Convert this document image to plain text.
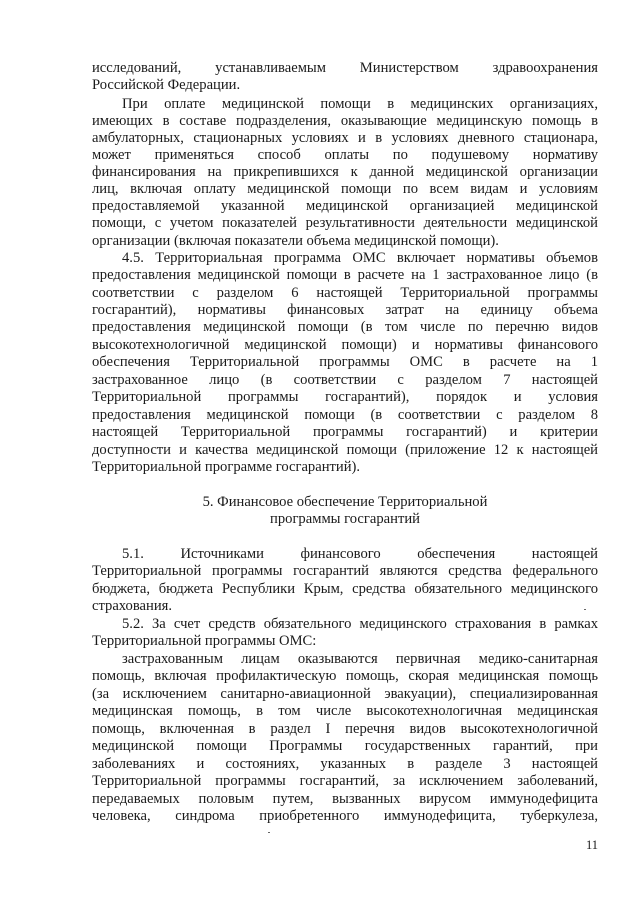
исследований, устанавливаемым Министерством здравоохранения
Российской Федерации.
При оплате медицинской помощи в медицинских организациях,
имеющих в составе подразделения, оказывающие медицинскую помощь в
амбулаторных, стационарных условиях и в условиях дневного стационара,
может применяться способ оплаты по подушевому нормативу
финансирования на прикрепившихся к данной медицинской организации
лиц, включая оплату медицинской помощи по всем видам и условиям
предоставляемой указанной медицинской организацией медицинской
помощи, с учетом показателей результативности деятельности медицинской
организации (включая показатели объема медицинской помощи).
4.5. Территориальная программа ОМС включает нормативы объемов
предоставления медицинской помощи в расчете на 1 застрахованное лицо (в
соответствии с разделом 6 настоящей Территориальной программы
госгарантий), нормативы финансовых затрат на единицу объема
предоставления медицинской помощи (в том числе по перечню видов
высокотехнологичной медицинской помощи) и нормативы финансового
обеспечения Территориальной программы ОМС в расчете на 1
застрахованное лицо (в соответствии с разделом 7 настоящей
Территориальной программы госгарантий), порядок и условия
предоставления медицинской помощи (в соответствии с разделом 8
настоящей Территориальной программы госгарантий) и критерии
доступности и качества медицинской помощи (приложение 12 к настоящей
Территориальной программе госгарантий).
5. Финансовое обеспечение Территориальной
программы госгарантий
5.1. Источниками финансового обеспечения настоящей
Территориальной программы госгарантий являются средства федерального
бюджета, бюджета Республики Крым, средства обязательного медицинского
страхования.
5.2. За счет средств обязательного медицинского страхования в рамках
Территориальной программы ОМС:
застрахованным лицам оказываются первичная медико-санитарная
помощь, включая профилактическую помощь, скорая медицинская помощь
(за исключением санитарно-авиационной эвакуации), специализированная
медицинская помощь, в том числе высокотехнологичная медицинская
помощь, включенная в раздел I перечня видов высокотехнологичной
медицинской помощи Программы государственных гарантий, при
заболеваниях и состояниях, указанных в разделе 3 настоящей
Территориальной программы госгарантий, за исключением заболеваний,
передаваемых половым путем, вызванных вирусом иммунодефицита
человека, синдрома приобретенного иммунодефицита, туберкулеза,
11
